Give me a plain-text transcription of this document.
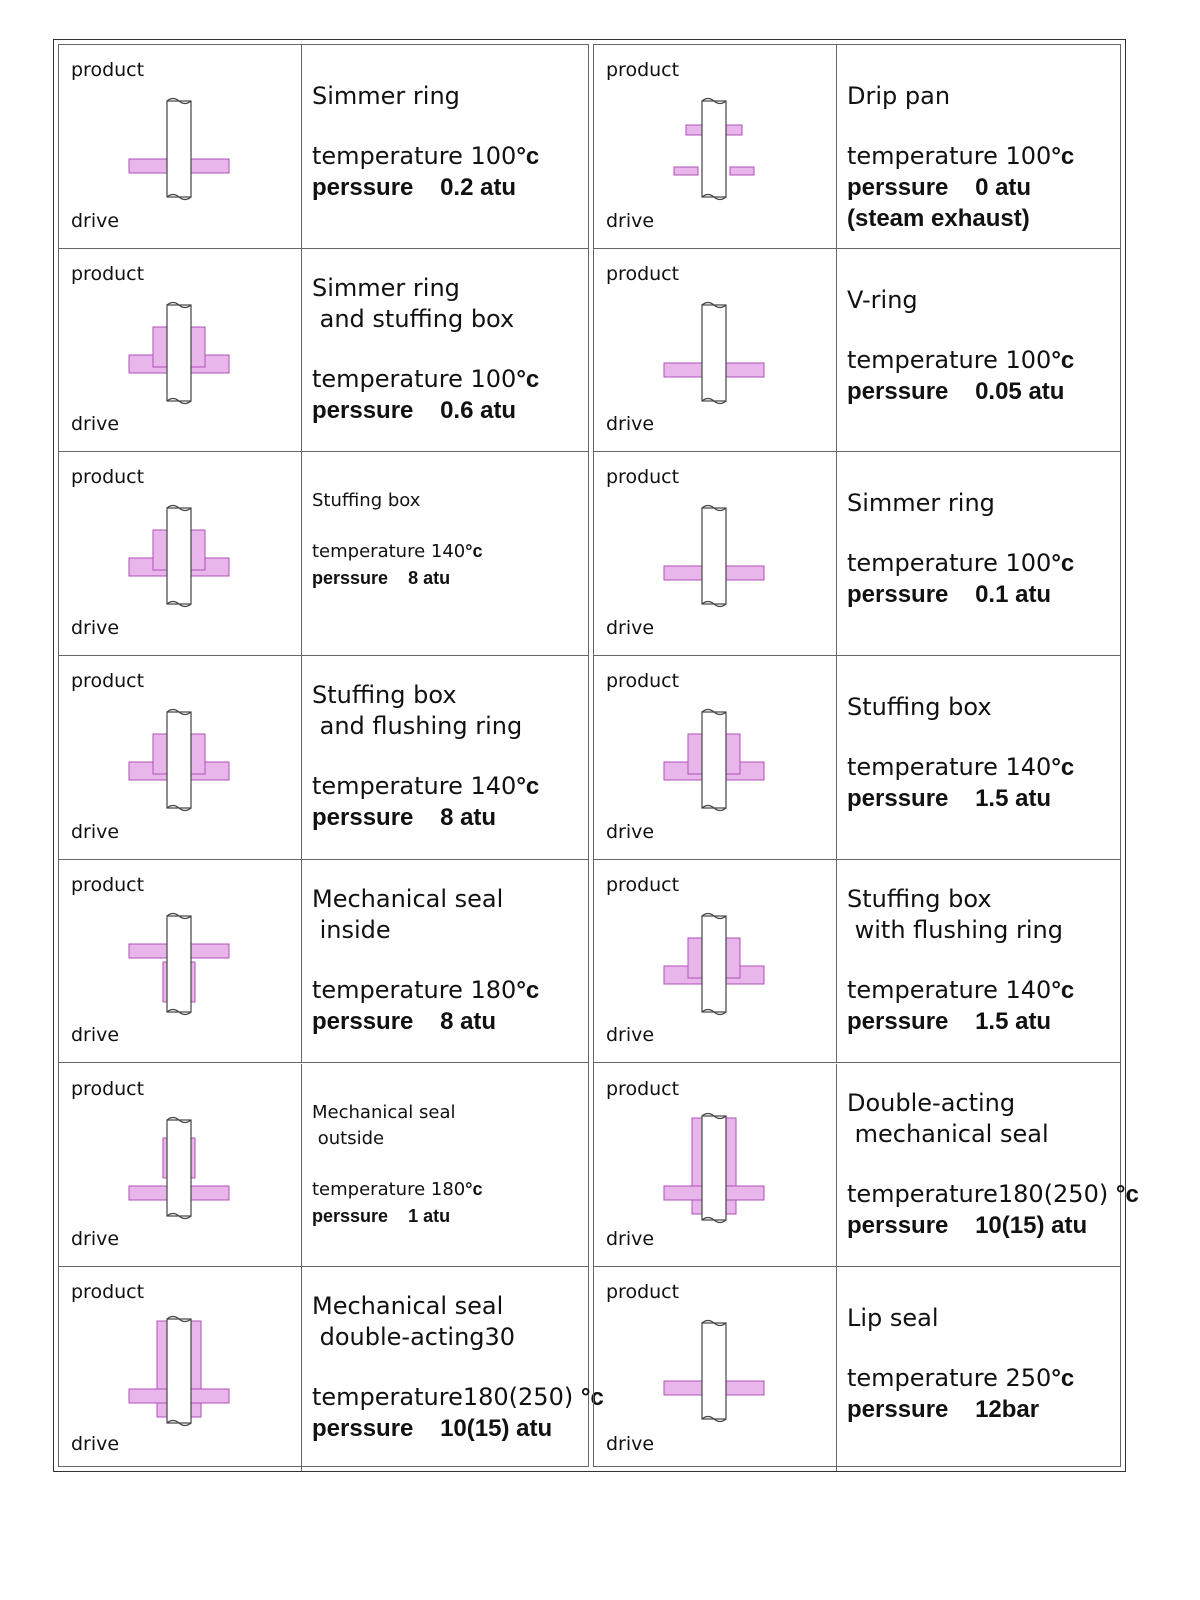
product
drive
Simmer ring
temperature 100°c
perssure 0.2 atu
product
drive
Simmer ring
and stuffing box
temperature 100°c
perssure 0.6 atu
product
drive
Stuffing box
temperature 140°c
perssure 8 atu
product
drive
Stuffing box
and flushing ring
temperature 140°c
perssure 8 atu
product
drive
Mechanical seal
inside
temperature 180°c
perssure 8 atu
product
drive
Mechanical seal
outside
temperature 180°c
perssure 1 atu
product
drive
Mechanical seal
double-acting30
temperature180(250) °c
perssure 10(15) atu
product
drive
Drip pan
temperature 100°c
perssure 0 atu
(steam exhaust)
product
drive
V-ring
temperature 100°c
perssure 0.05 atu
product
drive
Simmer ring
temperature 100°c
perssure 0.1 atu
product
drive
Stuffing box
temperature 140°c
perssure 1.5 atu
product
drive
Stuffing box
with flushing ring
temperature 140°c
perssure 1.5 atu
product
drive
Double-acting
mechanical seal
temperature180(250) °c
perssure 10(15) atu
product
drive
Lip seal
temperature 250°c
perssure 12bar
